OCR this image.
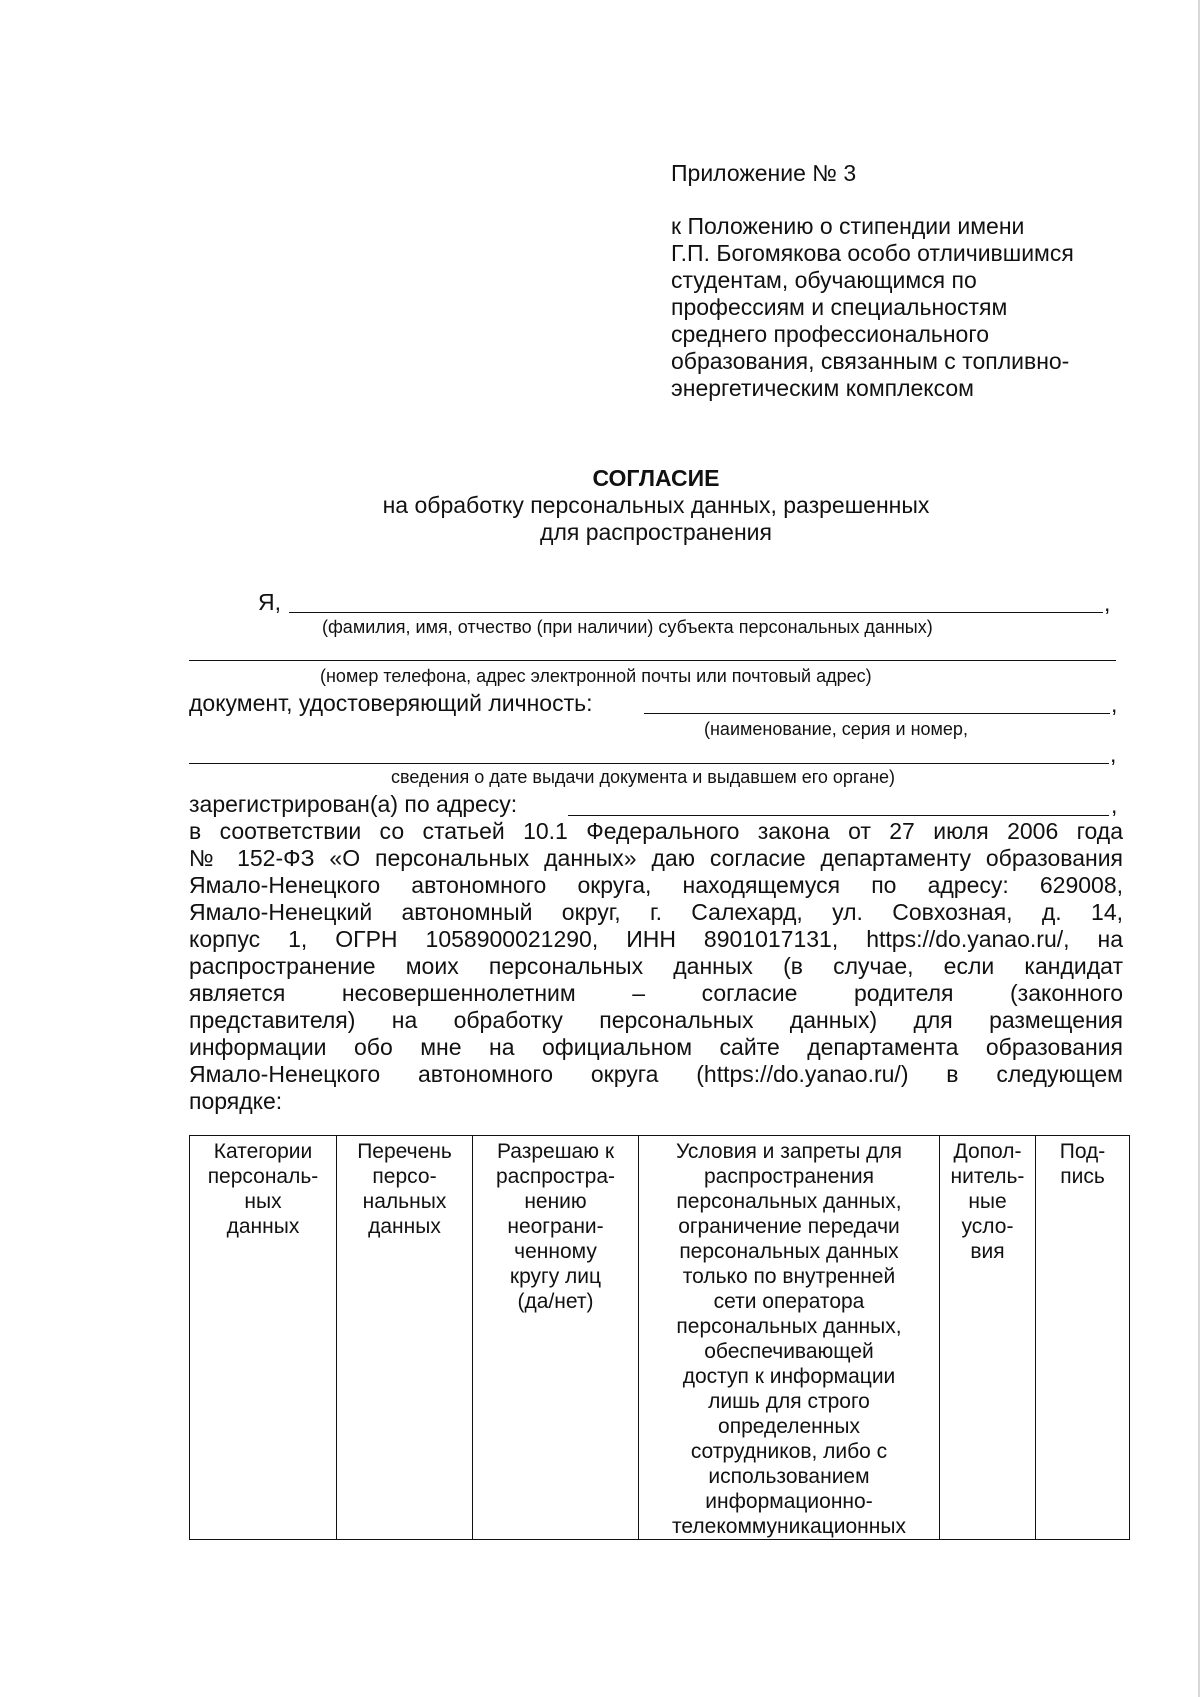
Приложение № 3
к Положению о стипендии имени
Г.П. Богомякова особо отличившимся
студентам, обучающимся по
профессиям и специальностям
среднего профессионального
образования, связанным с топливно-
энергетическим комплексом
СОГЛАСИЕ
на обработку персональных данных, разрешенных
для распространения
Я,	,
(фамилия, имя, отчество (при наличии) субъекта персональных данных)
(номер телефона, адрес электронной почты или почтовый адрес)
документ, удостоверяющий личность:	,
(наименование, серия и номер,
,
сведения о дате выдачи документа и выдавшем его органе)
зарегистрирован(а) по адресу:	,
в соответствии со статьей 10.1 Федерального закона от 27 июля 2006 года
№ 152-ФЗ «О персональных данных» даю согласие департаменту образования
Ямало-Ненецкого автономного округа, находящемуся по адресу: 629008,
Ямало-Ненецкий автономный округ, г. Салехард, ул. Совхозная, д. 14,
корпус 1, ОГРН 1058900021290, ИНН 8901017131, https://do.yanao.ru/, на
распространение моих персональных данных (в случае, если кандидат
является несовершеннолетним – согласие родителя (законного
представителя) на обработку персональных данных) для размещения
информации обо мне на официальном сайте департамента образования
Ямало-Ненецкого автономного округа (https://do.yanao.ru/) в следующем
порядке:
Категории
персональ-
ных
данных

Перечень
персо-
нальных
данных

Разрешаю к
распростра-
нению
неограни-
ченному
кругу лиц
(да/нет)

Условия и запреты для
распространения
персональных данных,
ограничение передачи
персональных данных
только по внутренней
сети оператора
персональных данных,
обеспечивающей
доступ к информации
лишь для строго
определенных
сотрудников, либо с
использованием
информационно-
телекоммуникационных

Допол-
нитель-
ные
усло-
вия

Под-
пись
